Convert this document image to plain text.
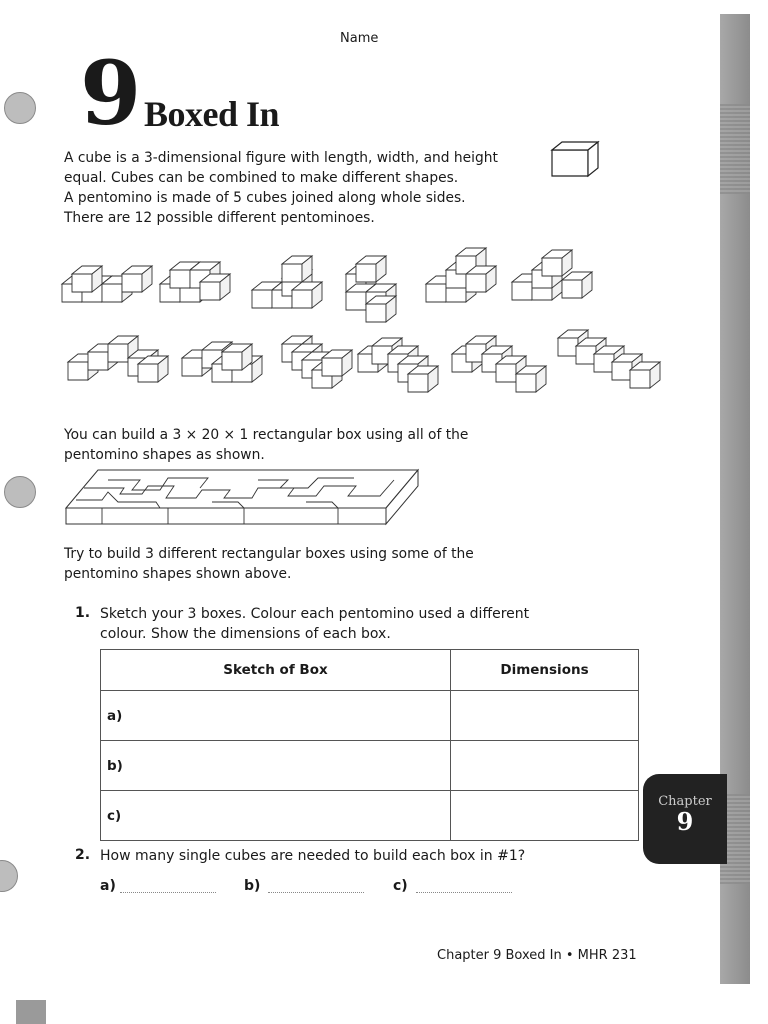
Chapter
9
Name
9 Boxed In
A cube is a 3-dimensional figure with length, width, and height
equal. Cubes can be combined to make different shapes.
A pentomino is made of 5 cubes joined along whole sides.
There are 12 possible different pentominoes.
You can build a 3 × 20 × 1 rectangular box using all of the
pentomino shapes as shown.
Try to build 3 different rectangular boxes using some of the
pentomino shapes shown above.
1. Sketch your 3 boxes. Colour each pentomino used a different
colour. Show the dimensions of each box.
Sketch of Box	Dimensions
a)	
b)	
c)	
2. How many single cubes are needed to build each box in #1?
a)	b)	c)
Chapter 9 Boxed In • MHR 231
